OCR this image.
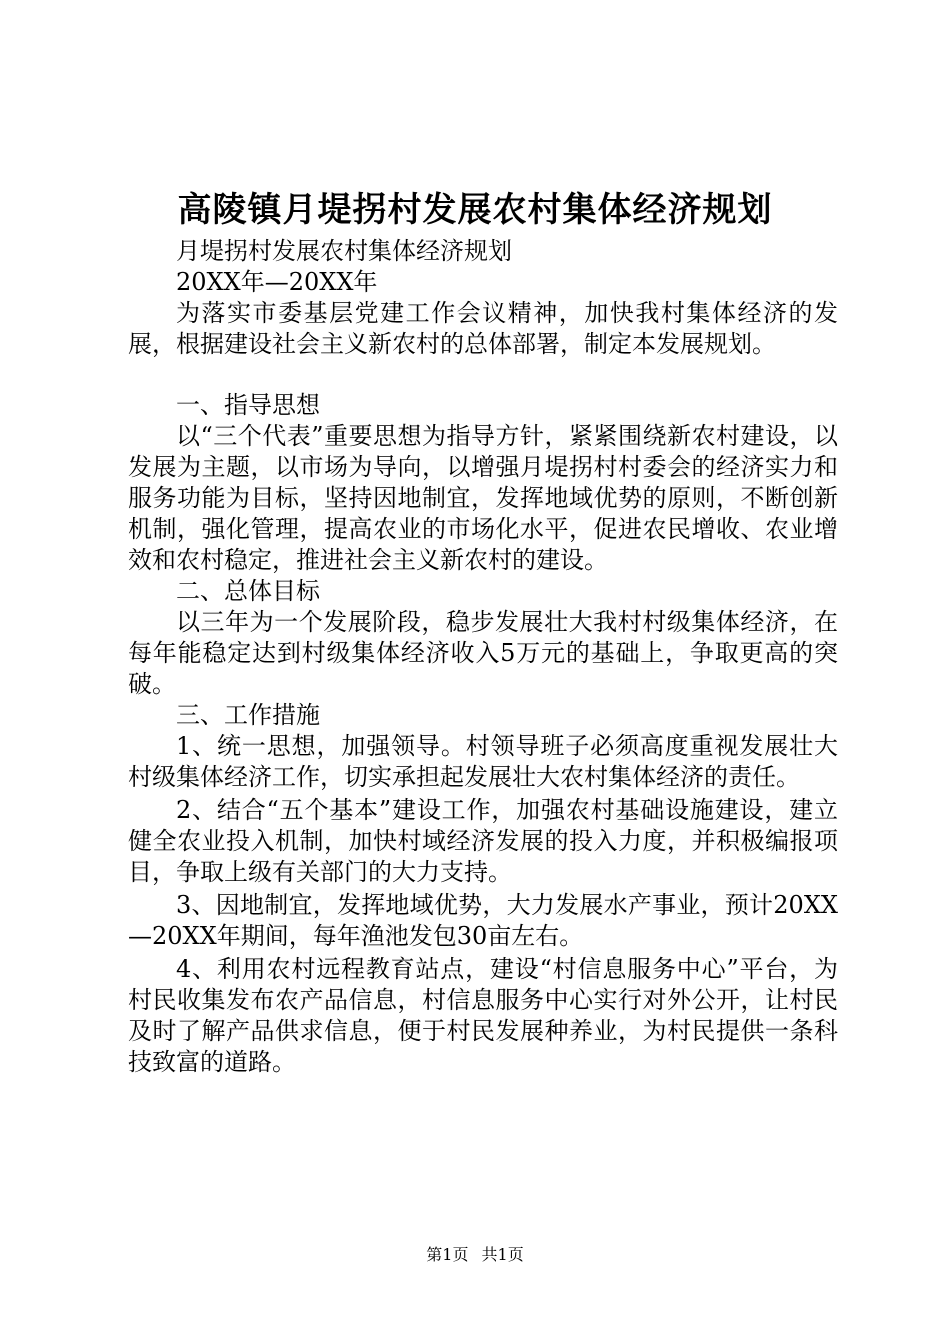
高陵镇月堤拐村发展农村集体经济规划

月堤拐村发展农村集体经济规划

20XX年—20XX年

为落实市委基层党建工作会议精神，加快我村集体经济的发展，根据建设社会主义新农村的总体部署，制定本发展规划。

一、指导思想

以“三个代表”重要思想为指导方针，紧紧围绕新农村建设，以发展为主题，以市场为导向，以增强月堤拐村村委会的经济实力和服务功能为目标，坚持因地制宜，发挥地域优势的原则，不断创新机制，强化管理，提高农业的市场化水平，促进农民增收、农业增效和农村稳定，推进社会主义新农村的建设。

二、总体目标

以三年为一个发展阶段，稳步发展壮大我村村级集体经济，在每年能稳定达到村级集体经济收入5万元的基础上，争取更高的突破。

三、工作措施

1、统一思想，加强领导。村领导班子必须高度重视发展壮大村级集体经济工作，切实承担起发展壮大农村集体经济的责任。

2、结合“五个基本”建设工作，加强农村基础设施建设，建立健全农业投入机制，加快村域经济发展的投入力度，并积极编报项目，争取上级有关部门的大力支持。

3、因地制宜，发挥地域优势，大力发展水产事业，预计20XX—20XX年期间，每年渔池发包30亩左右。

4、利用农村远程教育站点，建设“村信息服务中心”平台，为村民收集发布农产品信息，村信息服务中心实行对外公开，让村民及时了解产品供求信息，便于村民发展种养业，为村民提供一条科技致富的道路。

第1页 共1页
